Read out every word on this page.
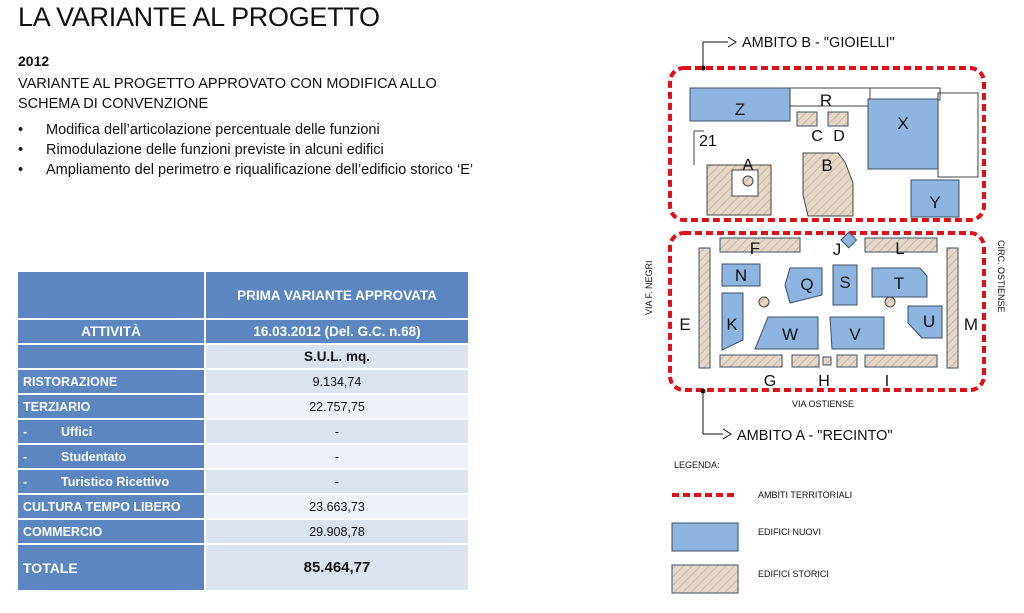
LA VARIANTE AL PROGETTO
2012
VARIANTE AL PROGETTO APPROVATO CON MODIFICA ALLO SCHEMA DI CONVENZIONE
• Modifica dell’articolazione percentuale delle funzioni
• Rimodulazione delle funzioni previste in alcuni edifici
• Ampliamento del perimetro e riqualificazione dell’edificio storico ‘E’
	PRIMA VARIANTE APPROVATA
ATTIVITÀ	16.03.2012 (Del. G.C. n.68)
	S.U.L. mq.
RISTORAZIONE	9.134,74
TERZIARIO	22.757,75
- Uffici	-
- Studentato	-
- Turistico Ricettivo	-
CULTURA TEMPO LIBERO	23.663,73
COMMERCIO	29.908,78
TOTALE	85.464,77
AMBITO B - "GIOIELLI"
Z	R
C D
X
21
A	B
Y
F	J	L
E	M
N	Q S	T
K
W	V
U
G	H	I
VIA F. NEGRI	CIRC. OSTIENSE
VIA OSTIENSE
AMBITO A - "RECINTO"
LEGENDA:
AMBITI TERRITORIALI
EDIFICI NUOVI
EDIFICI STORICI
